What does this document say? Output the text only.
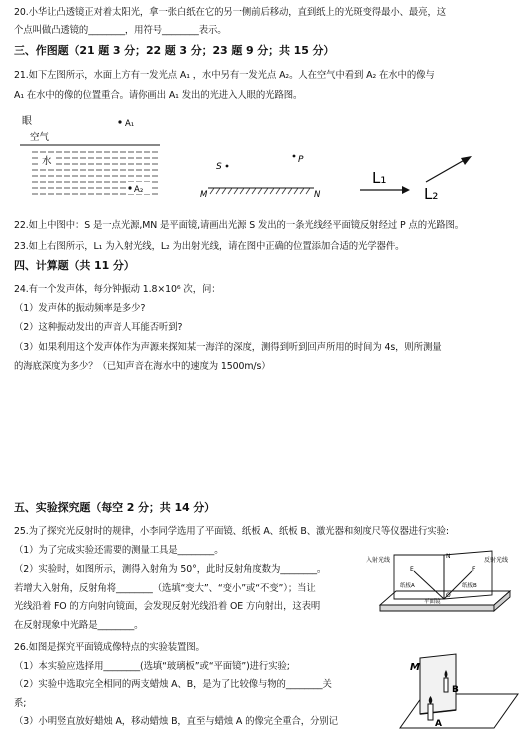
20.小华让凸透镜正对着太阳光，拿一张白纸在它的另一侧前后移动，直到纸上的光斑变得最小、最亮，这
个点叫做凸透镜的________，用符号________表示。
三、作图题（21 题 3 分；22 题 3 分；23 题 9 分；共 15 分）
21.如下左图所示，水面上方有一发光点 A₁ ，水中另有一发光点 A₂。人在空气中看到 A₂ 在水中的像与
A₁ 在水中的像的位置重合。请你画出 A₁ 发出的光进入人眼的光路图。
眼
空气
水
A₁
A₂
S
P
M	N
L₁
L₂
22.如上中图中：S 是一点光源,MN 是平面镜,请画出光源 S 发出的一条光线经平面镜反射经过 P 点的光路图。
23.如上右图所示，L₁ 为入射光线，L₂ 为出射光线，请在图中正确的位置添加合适的光学器件。
四、计算题（共 11 分）
24.有一个发声体，每分钟振动 1.8×10⁶ 次，问：
（1）发声体的振动频率是多少?
（2）这种振动发出的声音人耳能否听到?
（3）如果利用这个发声体作为声源来探知某一海洋的深度，测得到听到回声所用的时间为 4s，则所测量
的海底深度为多少？（已知声音在海水中的速度为 1500m/s）
五、实验探究题（每空 2 分；共 14 分）
25.为了探究光反射时的规律，小李同学选用了平面镜、纸板 A、纸板 B、激光器和刻度尺等仪器进行实验:
（1）为了完成实验还需要的测量工具是________。
（2）实验时，如图所示，测得入射角为 50°，此时反射角度数为________。
若增大入射角，反射角将________（选填“变大”、“变小”或“不变”）；当让
光线沿着 FO 的方向射向镜面，会发现反射光线沿着 OE 方向射出，这表明
在反射现象中光路是________。
入射光线	反射光线
纸板A	纸板B
平面镜
N
E	F
O
26.如图是探究平面镜成像特点的实验装置图。
（1）本实验应选择用________(选填“玻璃板”或“平面镜”)进行实验;
（2）实验中选取完全相同的两支蜡烛 A、B，是为了比较像与物的________关
系;
（3）小明竖直放好蜡烛 A，移动蜡烛 B，直至与蜡烛 A 的像完全重合，分别记
M
A
B
